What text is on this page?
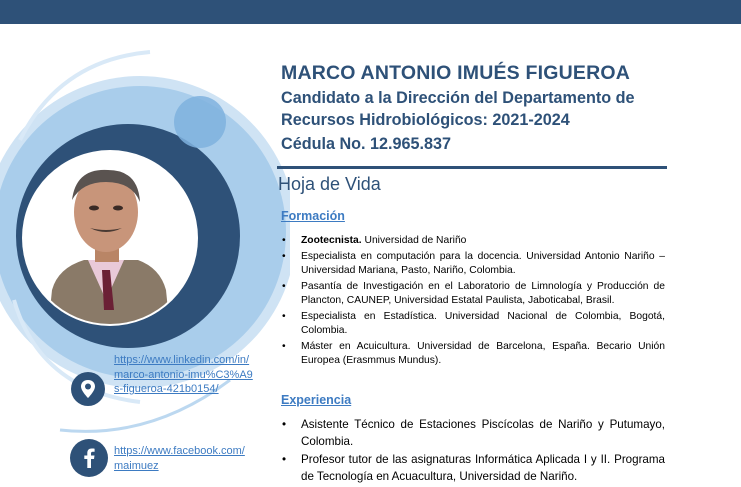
MARCO ANTONIO IMUÉS FIGUEROA
Candidato a la Dirección del Departamento de Recursos Hidrobiológicos: 2021-2024
Cédula No. 12.965.837
Hoja de Vida
Formación
• Zootecnista. Universidad de Nariño
• Especialista en computación para la docencia. Universidad Antonio Nariño – Universidad Mariana, Pasto, Nariño, Colombia.
• Pasantía de Investigación en el Laboratorio de Limnología y Producción de Plancton, CAUNEP, Universidad Estatal Paulista, Jaboticabal, Brasil.
• Especialista en Estadística. Universidad Nacional de Colombia, Bogotá, Colombia.
• Máster en Acuicultura. Universidad de Barcelona, España. Becario Unión Europea (Erasmmus Mundus).
Experiencia
• Asistente Técnico de Estaciones Piscícolas de Nariño y Putumayo, Colombia.
• Profesor tutor de las asignaturas Informática Aplicada I y II. Programa de Tecnología en Acuacultura, Universidad de Nariño.
https://www.linkedin.com/in/marco-antonio-imu%C3%A9s-figueroa-421b0154/
https://www.facebook.com/maimuez
